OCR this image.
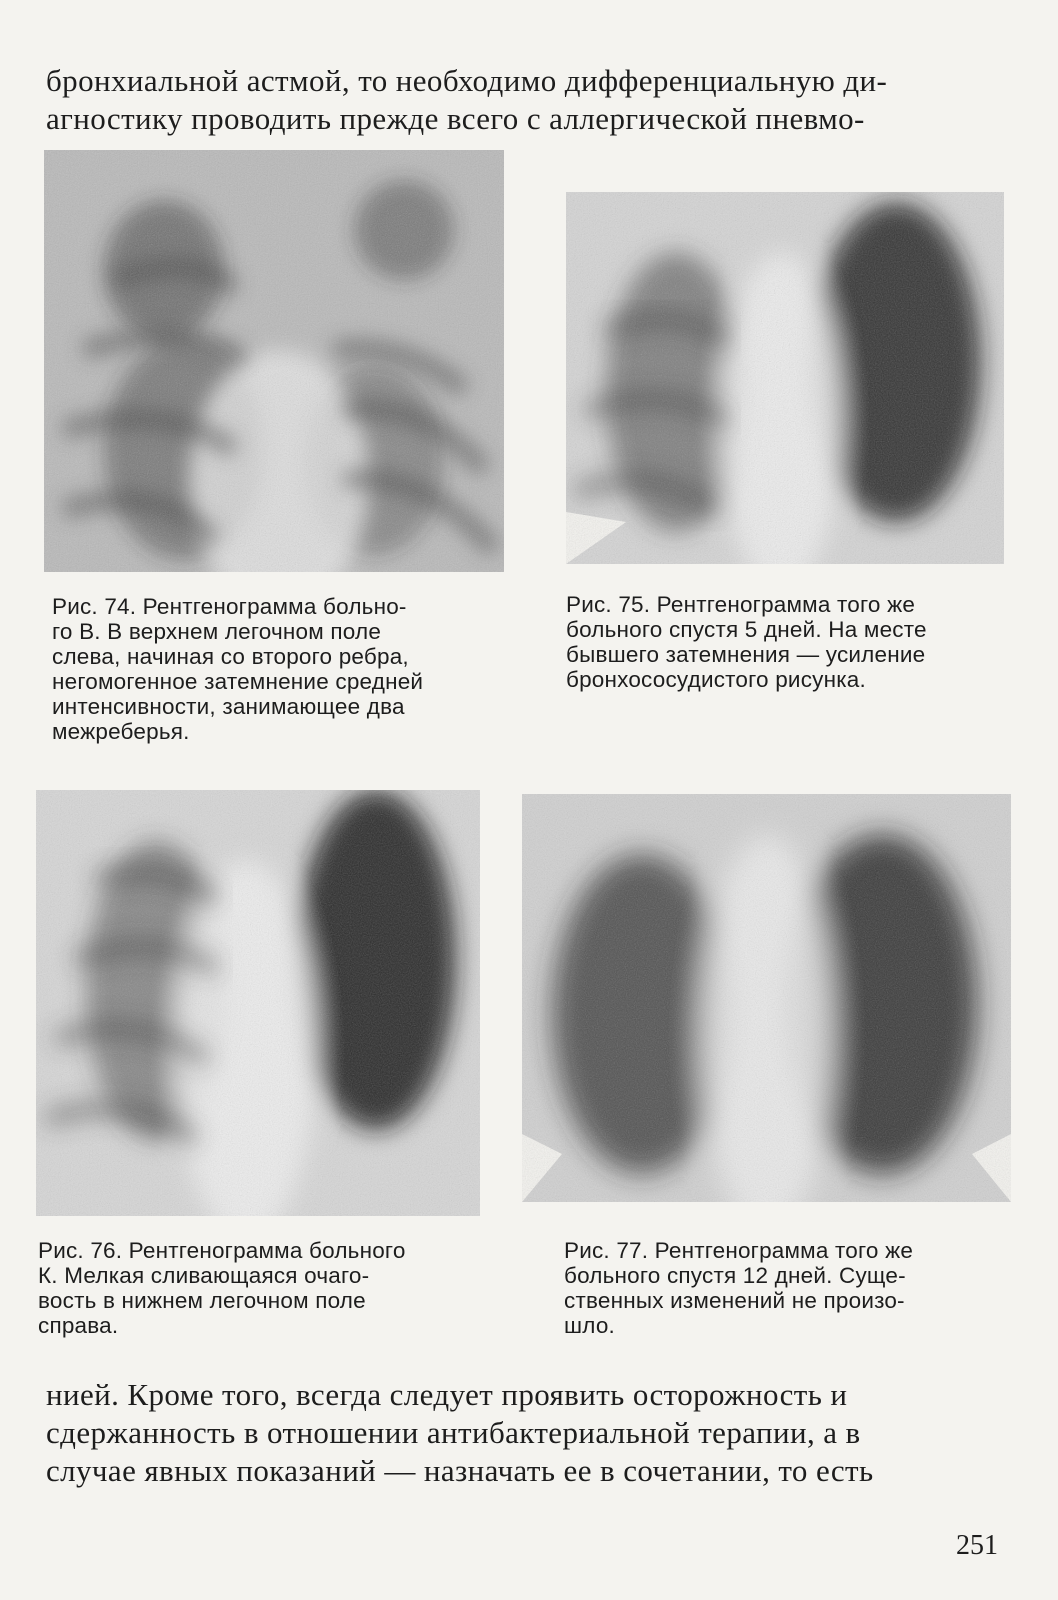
бронхиальной астмой, то необходимо дифференциальную ди-
агностику проводить прежде всего с аллергической пневмо-
Рис. 74. Рентгенограмма больно-
го В. В верхнем легочном поле
слева, начиная со второго ребра,
негомогенное затемнение средней
интенсивности, занимающее два
межреберья.
Рис. 75. Рентгенограмма того же
больного спустя 5 дней. На месте
бывшего затемнения — усиление
бронхососудистого рисунка.
Рис. 76. Рентгенограмма больного
К. Мелкая сливающаяся очаго-
вость в нижнем легочном поле
справа.
Рис. 77. Рентгенограмма того же
больного спустя 12 дней. Суще-
ственных изменений не произо-
шло.
нией. Кроме того, всегда следует проявить осторожность и
сдержанность в отношении антибактериальной терапии, а в
случае явных показаний — назначать ее в сочетании, то есть
251
